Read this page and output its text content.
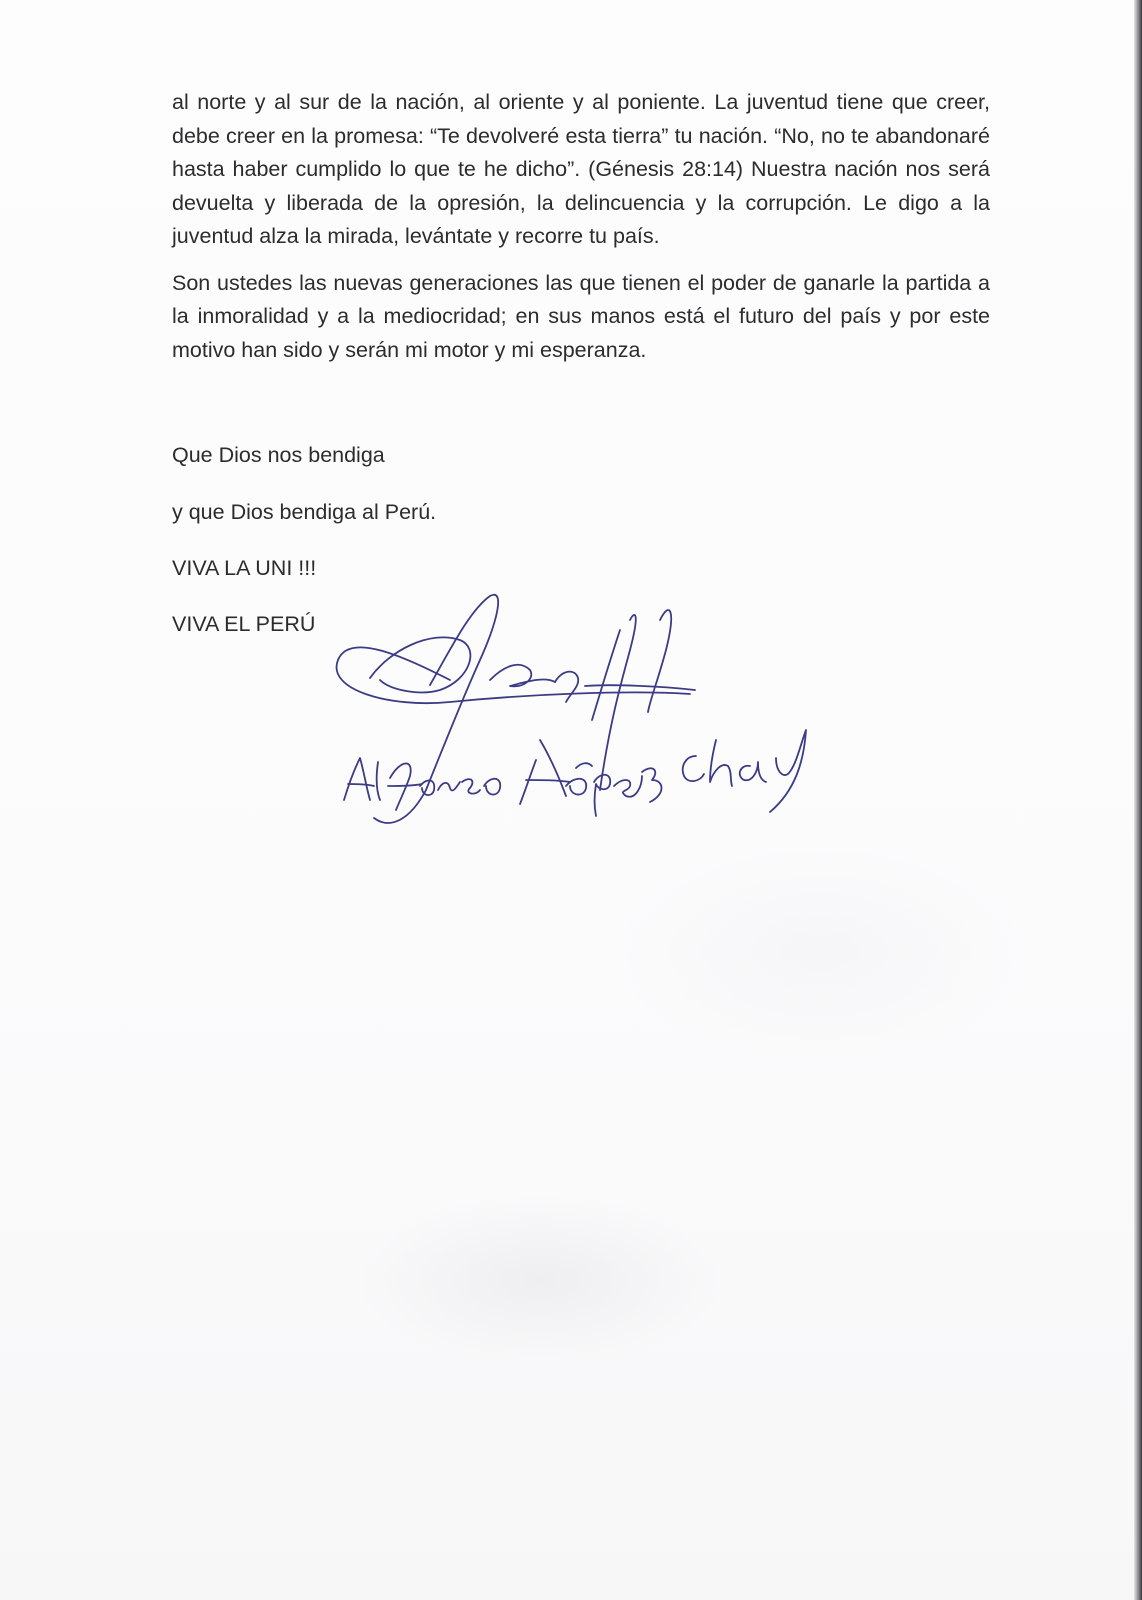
al norte y al sur de la nación, al oriente y al poniente. La juventud tiene que creer, debe creer en la promesa: “Te devolveré esta tierra” tu nación. “No, no te abandonaré hasta haber cumplido lo que te he dicho”. (Génesis 28:14) Nuestra nación nos será devuelta y liberada de la opresión, la delincuencia y la corrupción. Le digo a la juventud alza la mirada, levántate y recorre tu país.

Son ustedes las nuevas generaciones las que tienen el poder de ganarle la partida a la inmoralidad y a la mediocridad; en sus manos está el futuro del país y por este motivo han sido y serán mi motor y mi esperanza.

Que Dios nos bendiga
y que Dios bendiga al Perú.
VIVA LA UNI !!!
VIVA EL PERÚ
